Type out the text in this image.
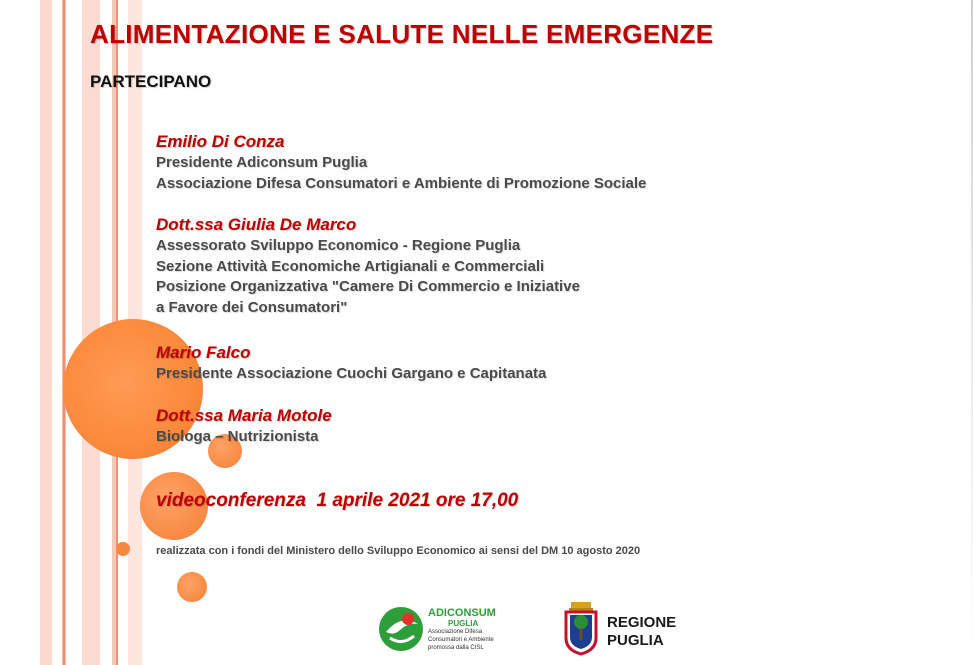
ALIMENTAZIONE E SALUTE NELLE EMERGENZE
PARTECIPANO
Emilio Di Conza
Presidente Adiconsum Puglia
Associazione Difesa Consumatori e Ambiente di Promozione Sociale
Dott.ssa Giulia De Marco
Assessorato Sviluppo Economico - Regione Puglia
Sezione Attività Economiche Artigianali e Commerciali
Posizione Organizzativa "Camere Di Commercio e Iniziative
a Favore dei Consumatori"
Mario Falco
Presidente Associazione Cuochi Gargano e Capitanata
Dott.ssa Maria Motole
Biologa – Nutrizionista
videoconferenza  1 aprile 2021 ore 17,00
realizzata con i fondi del Ministero dello Sviluppo Economico ai sensi del DM 10 agosto 2020
ADICONSUM
PUGLIA
Associazione Difesa
Consumatori e Ambiente
promossa dalla CISL
REGIONE
PUGLIA
